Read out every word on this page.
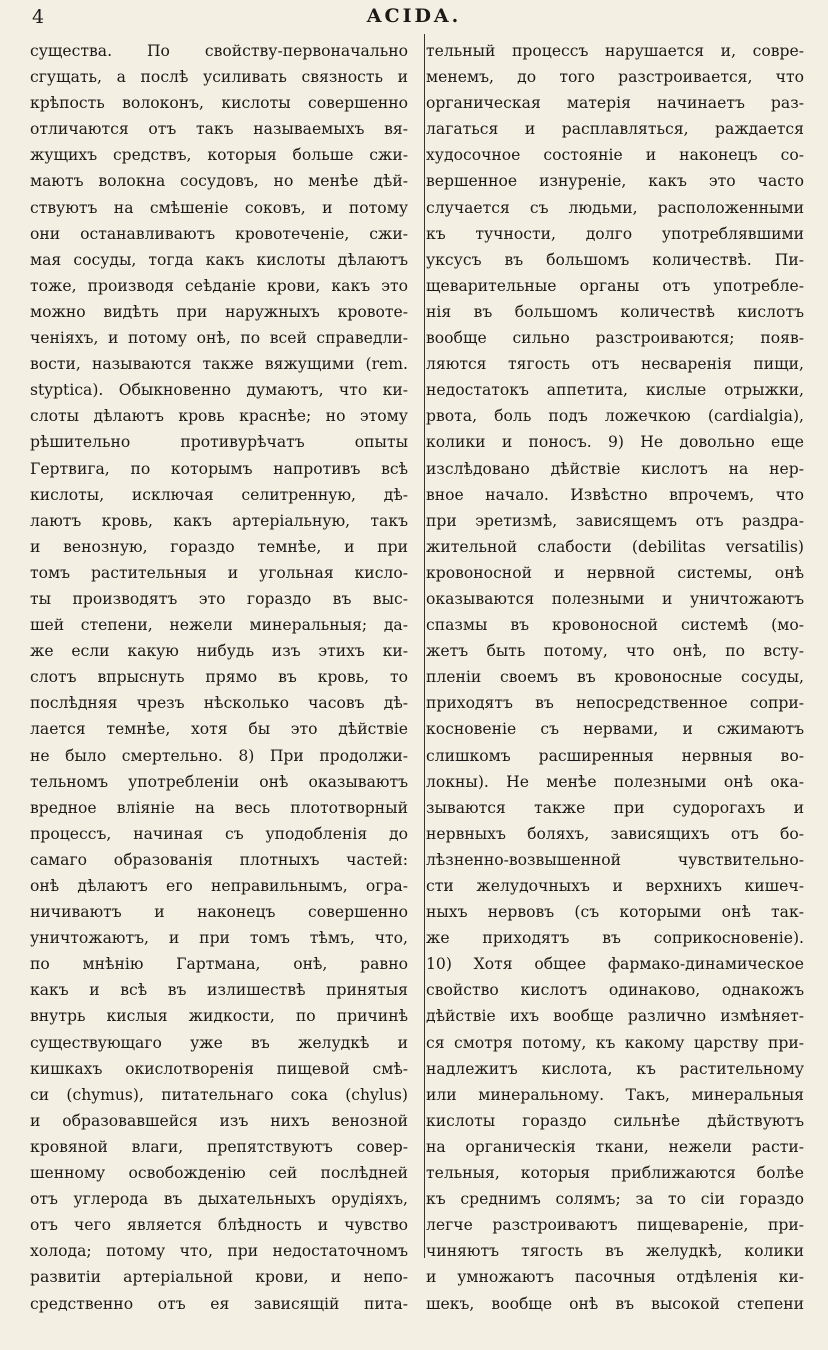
4	ACIDA.
существа. По свойству-первоначально
сгущать, а послѣ усиливать связность и
крѣпость волоконъ, кислоты совершенно
отличаются отъ такъ называемыхъ вя-
жущихъ средствъ, которыя больше сжи-
маютъ волокна сосудовъ, но менѣе дѣй-
ствуютъ на смѣшеніе соковъ, и потому
они останавливаютъ кровотеченіе, сжи-
мая сосуды, тогда какъ кислоты дѣлаютъ
тоже, производя сеѣданіе крови, какъ это
можно видѣть при наружныхъ кровоте-
ченіяхъ, и потому онѣ, по всей справедли-
вости, называются также вяжущими (rem.
styptica). Обыкновенно думаютъ, что ки-
слоты дѣлаютъ кровь краснѣе; но этому
рѣшительно противурѣчатъ опыты
Гертвига, по которымъ напротивъ всѣ
кислоты, исключая селитренную, дѣ-
лаютъ кровь, какъ артеріальную, такъ
и венозную, гораздо темнѣе, и при
томъ растительныя и угольная кисло-
ты производятъ это гораздо въ выс-
шей степени, нежели минеральныя; да-
же если какую нибудь изъ этихъ ки-
слотъ впрыснуть прямо въ кровь, то
послѣдняя чрезъ нѣсколько часовъ дѣ-
лается темнѣе, хотя бы это дѣйствіе
не было смертельно. 8) При продолжи-
тельномъ употребленіи онѣ оказываютъ
вредное вліяніе на весь плототворный
процессъ, начиная съ уподобленія до
самаго образованія плотныхъ частей:
онѣ дѣлаютъ его неправильнымъ, огра-
ничиваютъ и наконецъ совершенно
уничтожаютъ, и при томъ тѣмъ, что,
по мнѣнію Гартмана, онѣ, равно
какъ и всѣ въ излишествѣ принятыя
внутрь кислыя жидкости, по причинѣ
существующаго уже въ желудкѣ и
кишкахъ окислотворенія пищевой смѣ-
си (chymus), питательнаго сока (chylus)
и образовавшейся изъ нихъ венозной
кровяной влаги, препятствуютъ совер-
шенному освобожденію сей послѣдней
отъ углерода въ дыхательныхъ орудіяхъ,
отъ чего является блѣдность и чувство
холода; потому что, при недостаточномъ
развитіи артеріальной крови, и непо-
средственно отъ ея зависящій пита-
тельный процессъ нарушается и, совре-
менемъ, до того разстроивается, что
органическая матерія начинаетъ раз-
лагаться и расплавляться, раждается
худосочное состояніе и наконецъ со-
вершенное изнуреніе, какъ это часто
случается съ людьми, расположенными
къ тучности, долго употреблявшими
уксусъ въ большомъ количествѣ. Пи-
щеварительные органы отъ употребле-
нія въ большомъ количествѣ кислотъ
вообще сильно разстроиваются; появ-
ляются тягость отъ несваренія пищи,
недостатокъ аппетита, кислые отрыжки,
рвота, боль подъ ложечкою (cardialgia),
колики и поносъ. 9) Не довольно еще
изслѣдовано дѣйствіе кислотъ на нер-
вное начало. Извѣстно впрочемъ, что
при эретизмѣ, зависящемъ отъ раздра-
жительной слабости (debilitas versatilis)
кровоносной и нервной системы, онѣ
оказываются полезными и уничтожаютъ
спазмы въ кровоносной системѣ (мо-
жетъ быть потому, что онѣ, по всту-
пленіи своемъ въ кровоносные сосуды,
приходятъ въ непосредственное сопри-
косновеніе съ нервами, и сжимаютъ
слишкомъ расширенныя нервныя во-
локны). Не менѣе полезными онѣ ока-
зываются также при судорогахъ и
нервныхъ боляхъ, зависящихъ отъ бо-
лѣзненно-возвышенной чувствительно-
сти желудочныхъ и верхнихъ кишеч-
ныхъ нервовъ (съ которыми онѣ так-
же приходятъ въ соприкосновеніе).
10) Хотя общее фармако-динамическое
свойство кислотъ одинаково, однакожъ
дѣйствіе ихъ вообще различно измѣняет-
ся смотря потому, къ какому царству при-
надлежитъ кислота, къ растительному
или минеральному. Такъ, минеральныя
кислоты гораздо сильнѣе дѣйствуютъ
на органическія ткани, нежели расти-
тельныя, которыя приближаются болѣе
къ среднимъ солямъ; за то сіи гораздо
легче разстроиваютъ пищевареніе, при-
чиняютъ тягость въ желудкѣ, колики
и умножаютъ пасочныя отдѣленія ки-
шекъ, вообще онѣ въ высокой степени
